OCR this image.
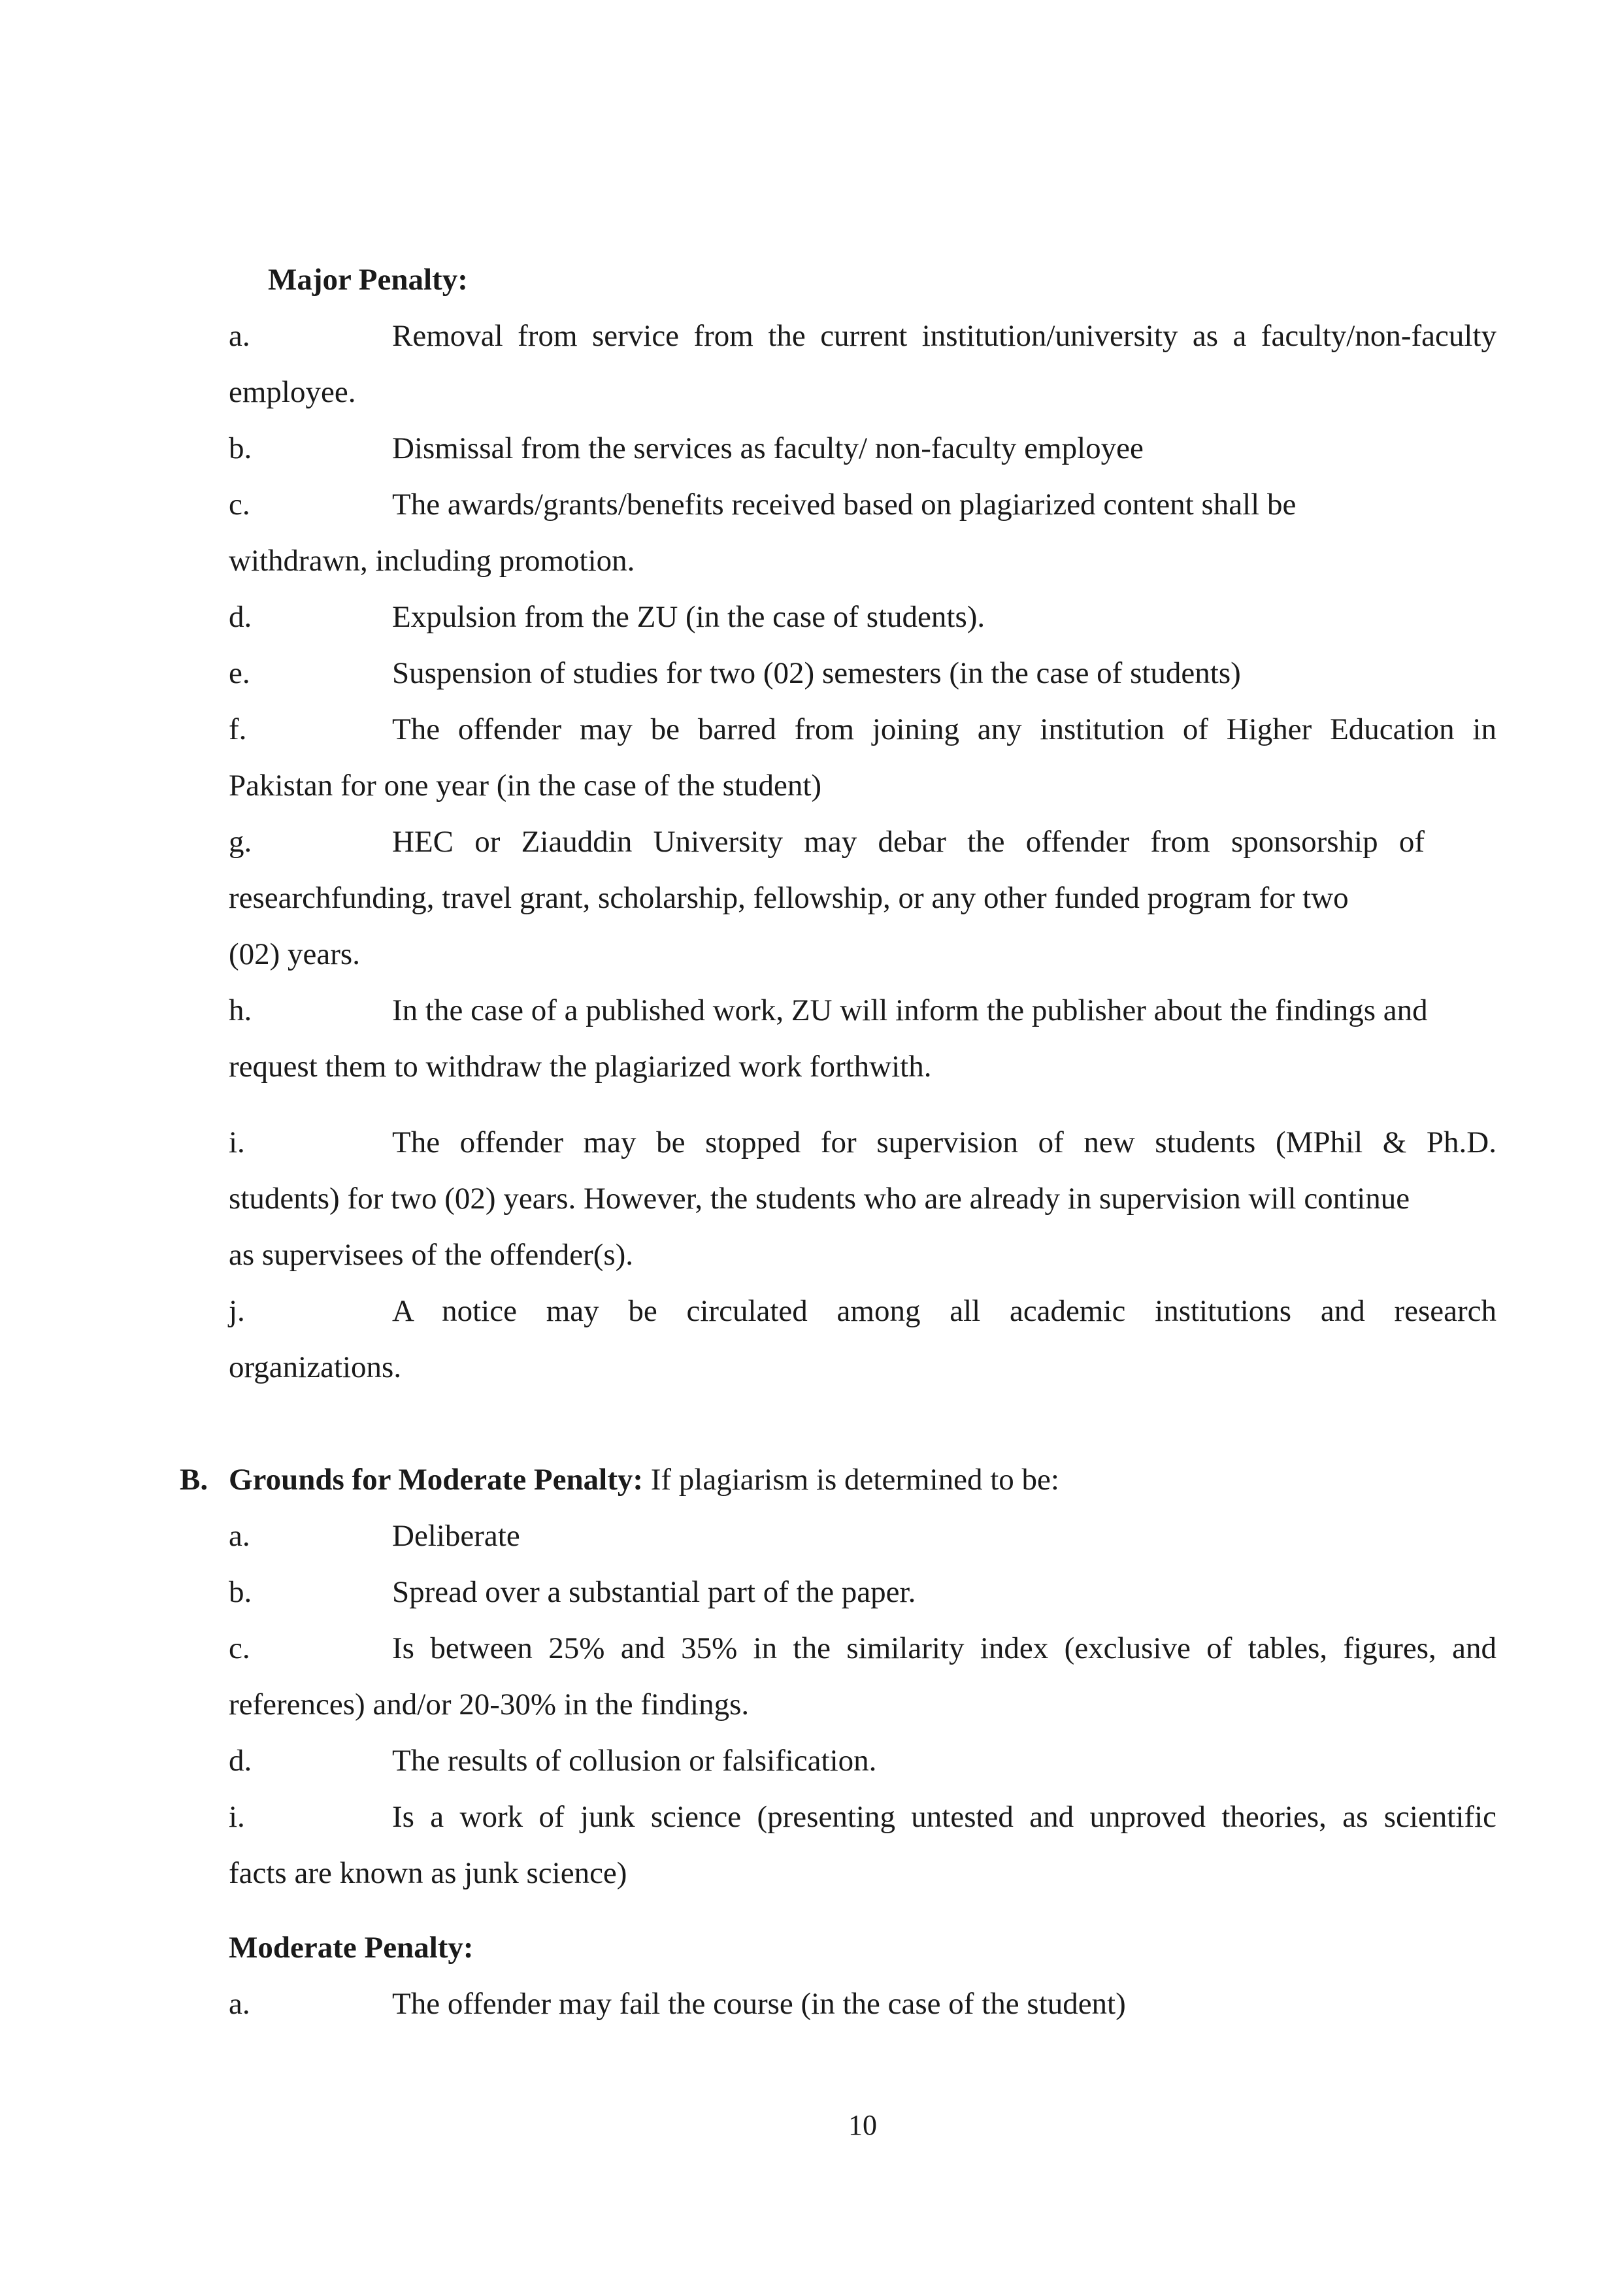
Major Penalty:
a.	Removal from service from the current institution/university as a faculty/non-faculty
employee.
b.	Dismissal from the services as faculty/ non-faculty employee
c.	The awards/grants/benefits received based on plagiarized content shall be
withdrawn, including promotion.
d.	Expulsion from the ZU (in the case of students).
e.	Suspension of studies for two (02) semesters (in the case of students)
f.	The offender may be barred from joining any institution of Higher Education in
Pakistan for one year (in the case of the student)
g.	HEC or Ziauddin University may debar the offender from sponsorship of
researchfunding, travel grant, scholarship, fellowship, or any other funded program for two
(02) years.
h.	In the case of a published work, ZU will inform the publisher about the findings and
request them to withdraw the plagiarized work forthwith.
i.	The offender may be stopped for supervision of new students (MPhil & Ph.D.
students) for two (02) years. However, the students who are already in supervision will continue
as supervisees of the offender(s).
j.	A notice may be circulated among all academic institutions and research
organizations.
B. Grounds for Moderate Penalty: If plagiarism is determined to be:
a.	Deliberate
b.	Spread over a substantial part of the paper.
c.	Is between 25% and 35% in the similarity index (exclusive of tables, figures, and
references) and/or 20-30% in the findings.
d.	The results of collusion or falsification.
i.	Is a work of junk science (presenting untested and unproved theories, as scientific
facts are known as junk science)
Moderate Penalty:
a.	The offender may fail the course (in the case of the student)
10
